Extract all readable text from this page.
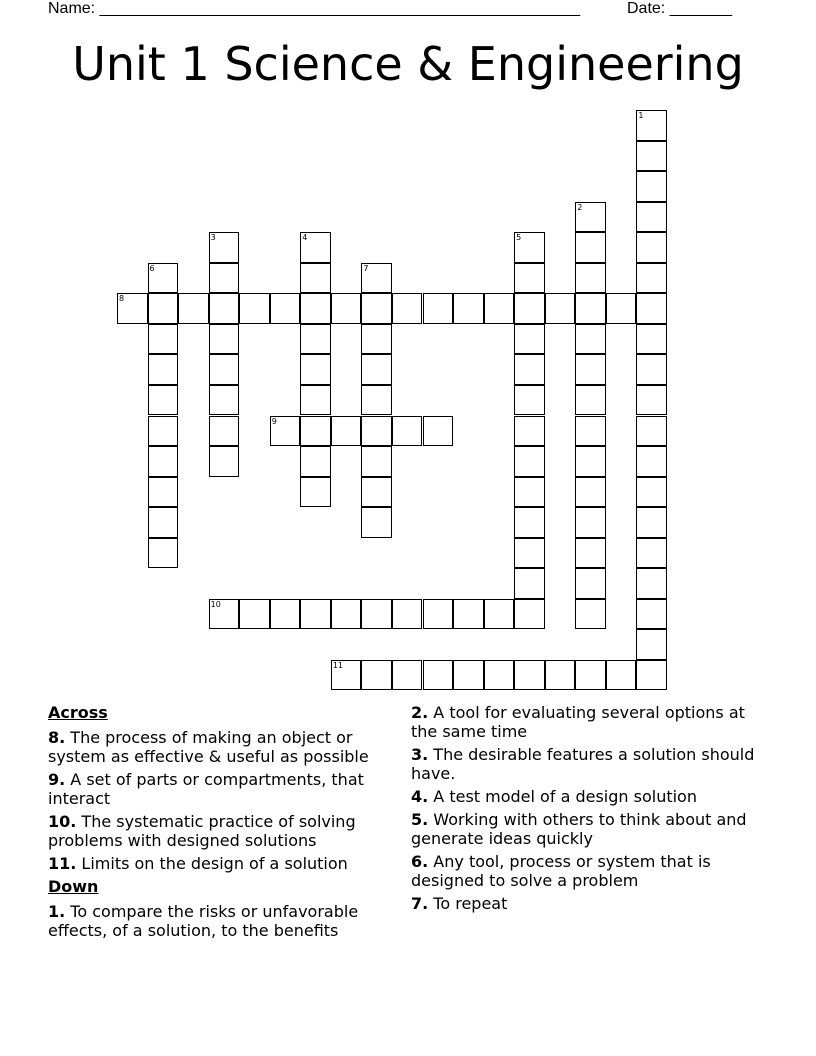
Name: ______________________________________________________	Date: _______
Unit 1 Science & Engineering
1
2
3	4	5
6	7
8
9
10
11
Across
8. The process of making an object or system as effective & useful as possible
9. A set of parts or compartments, that interact
10. The systematic practice of solving problems with designed solutions
11. Limits on the design of a solution
Down
1. To compare the risks or unfavorable effects, of a solution, to the benefits
2. A tool for evaluating several options at the same time
3. The desirable features a solution should have.
4. A test model of a design solution
5. Working with others to think about and generate ideas quickly
6. Any tool, process or system that is designed to solve a problem
7. To repeat
